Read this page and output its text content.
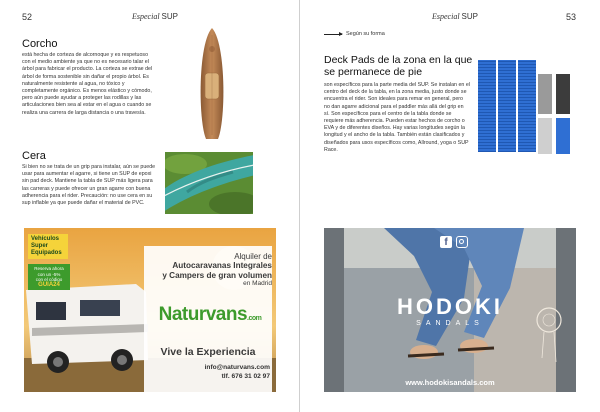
52	Especial SUP
Corcho
está hecha de corteza de alcornoque y es respetuoso con el medio ambiente ya que no es necesario talar el árbol para fabricar el producto. La corteza se extrae del árbol de forma sostenible sin dañar el propio árbol. Es naturalmente resistente al agua, no tóxico y completamente orgánico. Es menos elástico y cómodo, pero aún puede ayudar a proteger las rodillas y las articulaciones bien sea al estar en el agua o cuando se realiza una carrera de larga distancia o una travesía.
Cera
Si bien no se trata de un grip para instalar, aún se puede usar para aumentar el agarre, si tiene un SUP de epoxi sin pad deck. Mantiene la tabla de SUP más ligera para las carreras y puede ofrecer un gran agarre con buena adherencia para el rider. Precaución: no use cera en su sup inflable ya que puede dañar el material de PVC.
Vehículos
Super
Equipados
Reserva ahora
con un -5%
con el código
GUIA24
Alquiler de
Autocaravanas Integrales
y Campers de gran volumen
en Madrid
Naturvans.com
Vive la Experiencia
info@naturvans.com
tlf. 676 31 02 97
Especial SUP	53
Según su forma
Deck Pads de la zona en la que se permanece de pie
son específicos para la parte media del SUP. Se instalan en el centro del deck de la tabla, en la zona media, justo donde se encuentra el rider. Son ideales para remar en general, pero no dan agarre adicional para el paddler más allá del grip en sí. Son específicos para el centro de la tabla donde se requiere más adherencia. Pueden estar hechos de corcho o EVA y de diferentes diseños. Hay varias longitudes según la longitud y el ancho de la tabla. También están clasificados y diseñados para usos específicos como, Allround, yoga o SUP Race.
f
HODOKI
SANDALS
www.hodokisandals.com
